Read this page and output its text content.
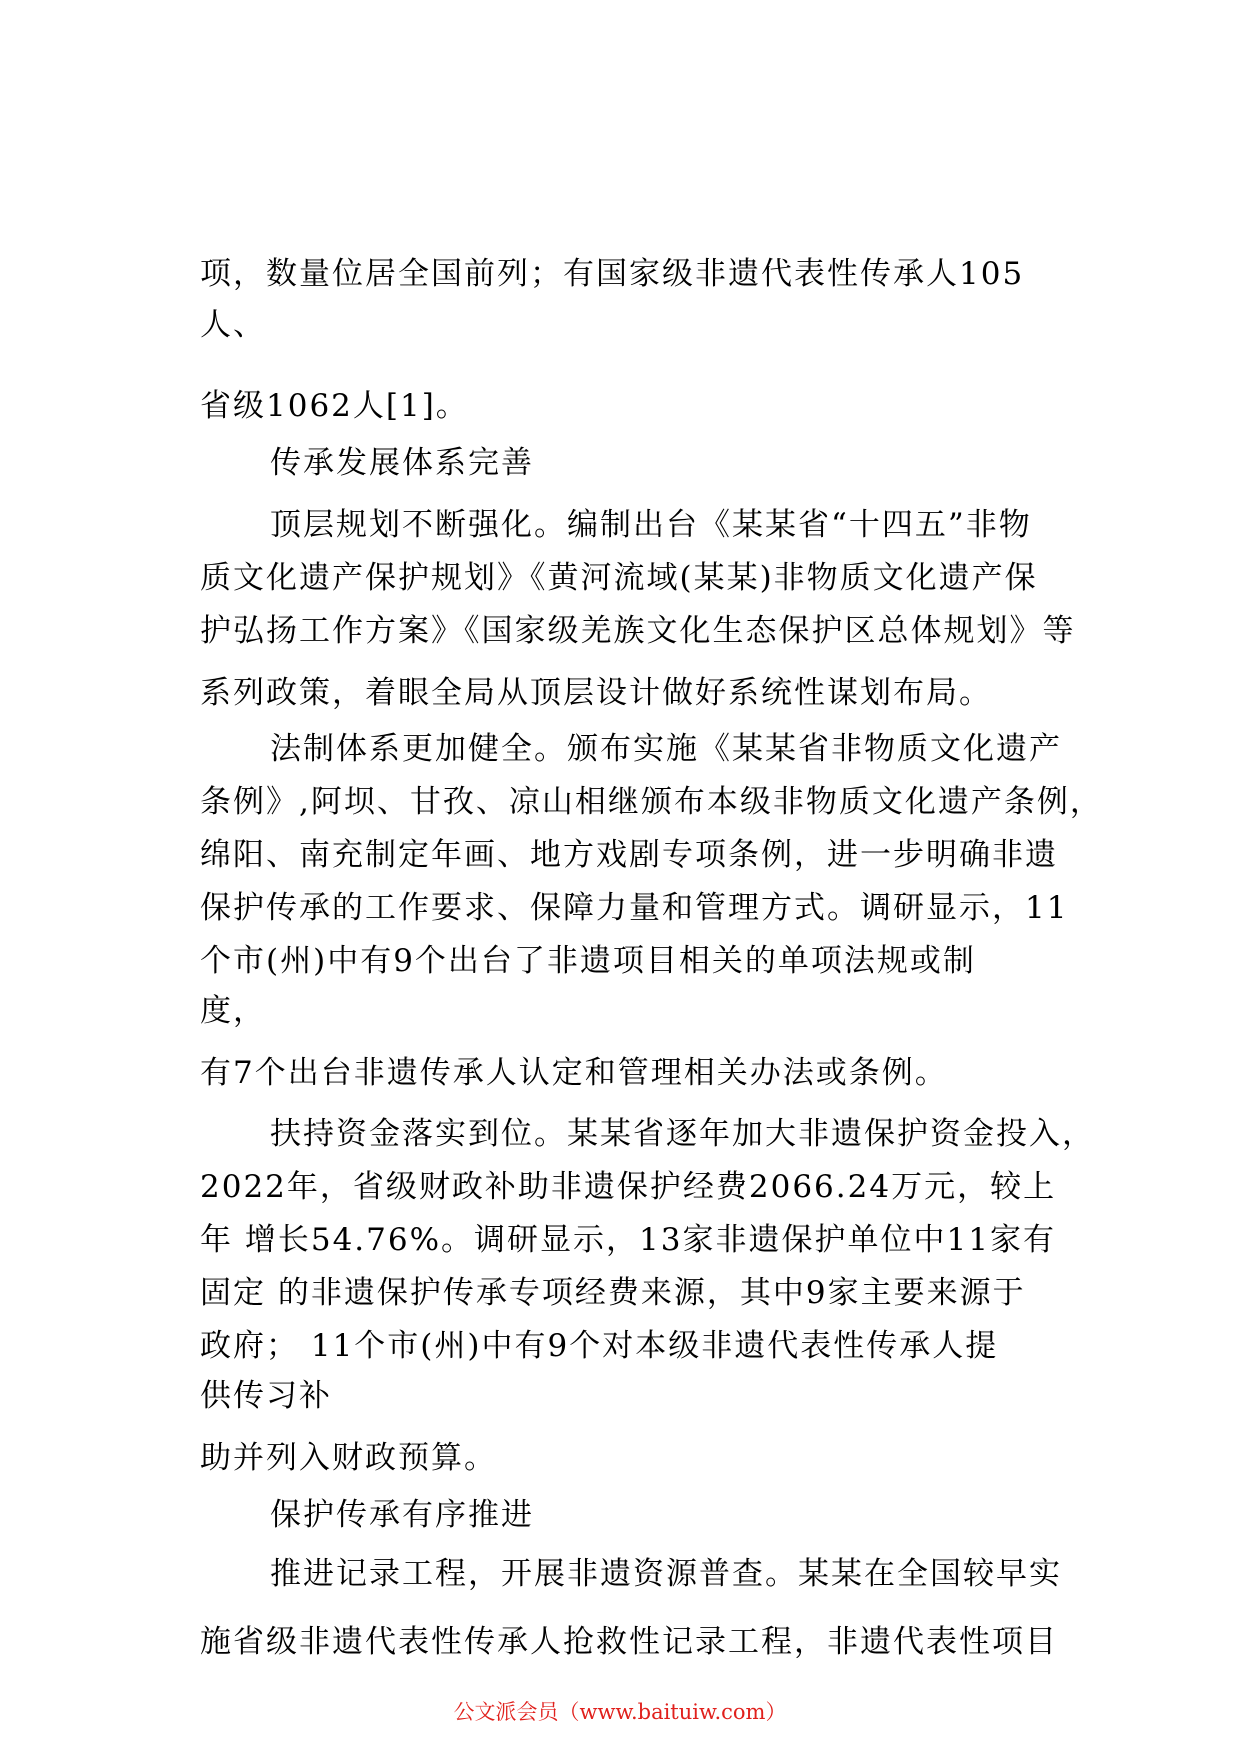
项，数量位居全国前列；有国家级非遗代表性传承人105
人、
省级1062人[1]。
传承发展体系完善
顶层规划不断强化。编制出台《某某省“十四五”非物
质文化遗产保护规划》《黄河流域(某某)非物质文化遗产保
护弘扬工作方案》《国家级羌族文化生态保护区总体规划》等
系列政策，着眼全局从顶层设计做好系统性谋划布局。
法制体系更加健全。颁布实施《某某省非物质文化遗产
条例》,阿坝、甘孜、凉山相继颁布本级非物质文化遗产条例，
绵阳、南充制定年画、地方戏剧专项条例，进一步明确非遗
保护传承的工作要求、保障力量和管理方式。调研显示，11
个市(州)中有9个出台了非遗项目相关的单项法规或制
度，
有7个出台非遗传承人认定和管理相关办法或条例。
扶持资金落实到位。某某省逐年加大非遗保护资金投入，
2022年，省级财政补助非遗保护经费2066.24万元，较上
年 增长54.76%。调研显示，13家非遗保护单位中11家有
固定 的非遗保护传承专项经费来源，其中9家主要来源于
政府； 11个市(州)中有9个对本级非遗代表性传承人提
供传习补
助并列入财政预算。
保护传承有序推进
推进记录工程，开展非遗资源普查。某某在全国较早实
施省级非遗代表性传承人抢救性记录工程，非遗代表性项目
公文派会员（www.baituiw.com）
